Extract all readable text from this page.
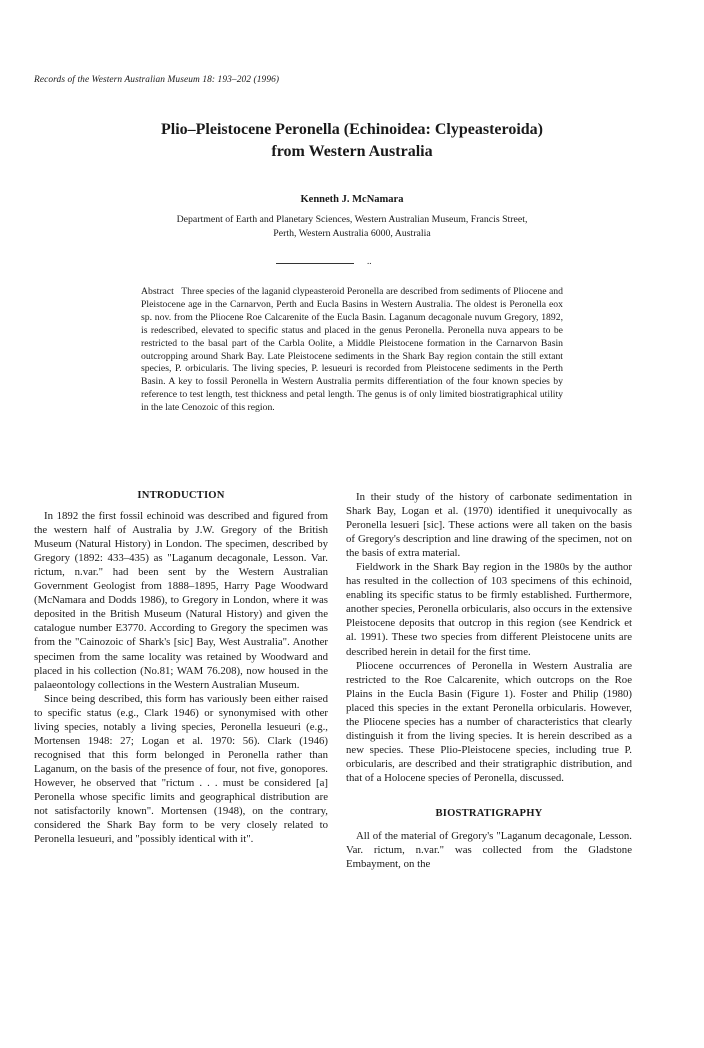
Records of the Western Australian Museum 18: 193–202 (1996)
Plio–Pleistocene Peronella (Echinoidea: Clypeasteroida)
from Western Australia
Kenneth J. McNamara
Department of Earth and Planetary Sciences, Western Australian Museum, Francis Street,
Perth, Western Australia 6000, Australia
..
Abstract Three species of the laganid clypeasteroid Peronella are described from sediments of Pliocene and Pleistocene age in the Carnarvon, Perth and Eucla Basins in Western Australia. The oldest is Peronella eox sp. nov. from the Pliocene Roe Calcarenite of the Eucla Basin. Laganum decagonale nuvum Gregory, 1892, is redescribed, elevated to specific status and placed in the genus Peronella. Peronella nuva appears to be restricted to the basal part of the Carbla Oolite, a Middle Pleistocene formation in the Carnarvon Basin outcropping around Shark Bay. Late Pleistocene sediments in the Shark Bay region contain the still extant species, P. orbicularis. The living species, P. lesueuri is recorded from Pleistocene sediments in the Perth Basin. A key to fossil Peronella in Western Australia permits differentiation of the four known species by reference to test length, test thickness and petal length. The genus is of only limited biostratigraphical utility in the late Cenozoic of this region.
INTRODUCTION

In 1892 the first fossil echinoid was described and figured from the western half of Australia by J.W. Gregory of the British Museum (Natural History) in London. The specimen, described by Gregory (1892: 433–435) as "Laganum decagonale, Lesson. Var. rictum, n.var." had been sent by the Western Australian Government Geologist from 1888–1895, Harry Page Woodward (McNamara and Dodds 1986), to Gregory in London, where it was deposited in the British Museum (Natural History) and given the catalogue number E3770. According to Gregory the specimen was from the "Cainozoic of Shark's [sic] Bay, West Australia". Another specimen from the same locality was retained by Woodward and placed in his collection (No.81; WAM 76.208), now housed in the palaeontology collections in the Western Australian Museum.

Since being described, this form has variously been either raised to specific status (e.g., Clark 1946) or synonymised with other living species, notably a living species, Peronella lesueuri (e.g., Mortensen 1948: 27; Logan et al. 1970: 56). Clark (1946) recognised that this form belonged in Peronella rather than Laganum, on the basis of the presence of four, not five, gonopores. However, he observed that "rictum . . . must be considered [a] Peronella whose specific limits and geographical distribution are not satisfactorily known". Mortensen (1948), on the contrary, considered the Shark Bay form to be very closely related to Peronella lesueuri, and "possibly identical with it".

In their study of the history of carbonate sedimentation in Shark Bay, Logan et al. (1970) identified it unequivocally as Peronella lesueri [sic]. These actions were all taken on the basis of Gregory's description and line drawing of the specimen, not on the basis of extra material.

Fieldwork in the Shark Bay region in the 1980s by the author has resulted in the collection of 103 specimens of this echinoid, enabling its specific status to be firmly established. Furthermore, another species, Peronella orbicularis, also occurs in the extensive Pleistocene deposits that outcrop in this region (see Kendrick et al. 1991). These two species from different Pleistocene units are described herein in detail for the first time.

Pliocene occurrences of Peronella in Western Australia are restricted to the Roe Calcarenite, which outcrops on the Roe Plains in the Eucla Basin (Figure 1). Foster and Philip (1980) placed this species in the extant Peronella orbicularis. However, the Pliocene species has a number of characteristics that clearly distinguish it from the living species. It is herein described as a new species. These Plio-Pleistocene species, including true P. orbicularis, are described and their stratigraphic distribution, and that of a Holocene species of Peronella, discussed.

BIOSTRATIGRAPHY

All of the material of Gregory's "Laganum decagonale, Lesson. Var. rictum, n.var." was collected from the Gladstone Embayment, on the
